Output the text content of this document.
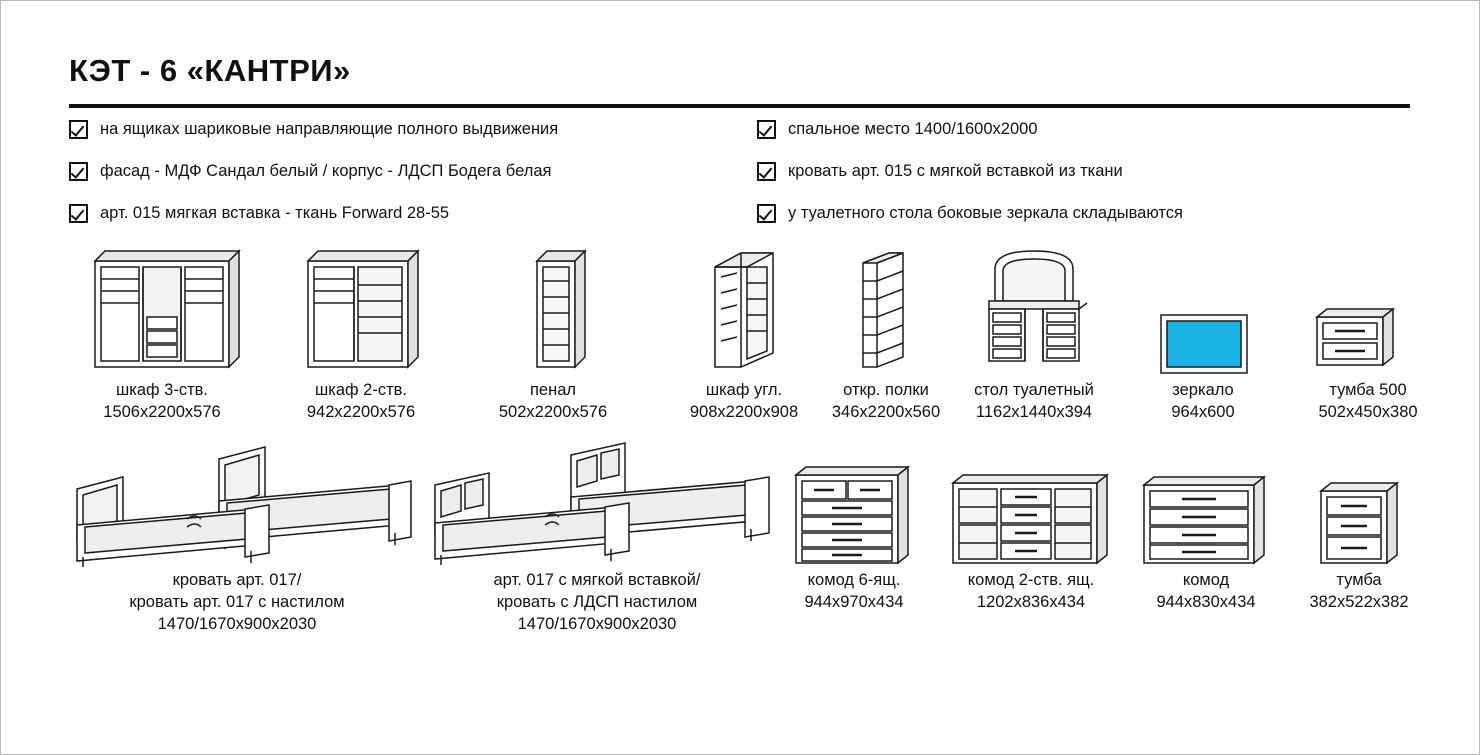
КЭТ - 6 «КАНТРИ»
на ящиках шариковые направляющие полного выдвижения
фасад - МДФ Сандал белый / корпус - ЛДСП Бодега белая
арт. 015 мягкая вставка - ткань Forward 28-55
спальное место 1400/1600х2000
кровать арт. 015 с мягкой вставкой из ткани
у туалетного стола боковые зеркала складываются
шкаф 3-ств.
1506х2200х576
шкаф 2-ств.
942х2200х576
пенал
502х2200х576
шкаф угл.
908х2200х908
откр. полки
346х2200х560
стол туалетный
1162х1440х394
зеркало
964х600
тумба 500
502х450х380
кровать арт. 017/
кровать арт. 017 с настилом
1470/1670х900х2030
арт. 017 с мягкой вставкой/
кровать с ЛДСП настилом
1470/1670х900х2030
комод 6-ящ.
944х970х434
комод 2-ств. ящ.
1202х836х434
комод
944х830х434
тумба
382х522х382
